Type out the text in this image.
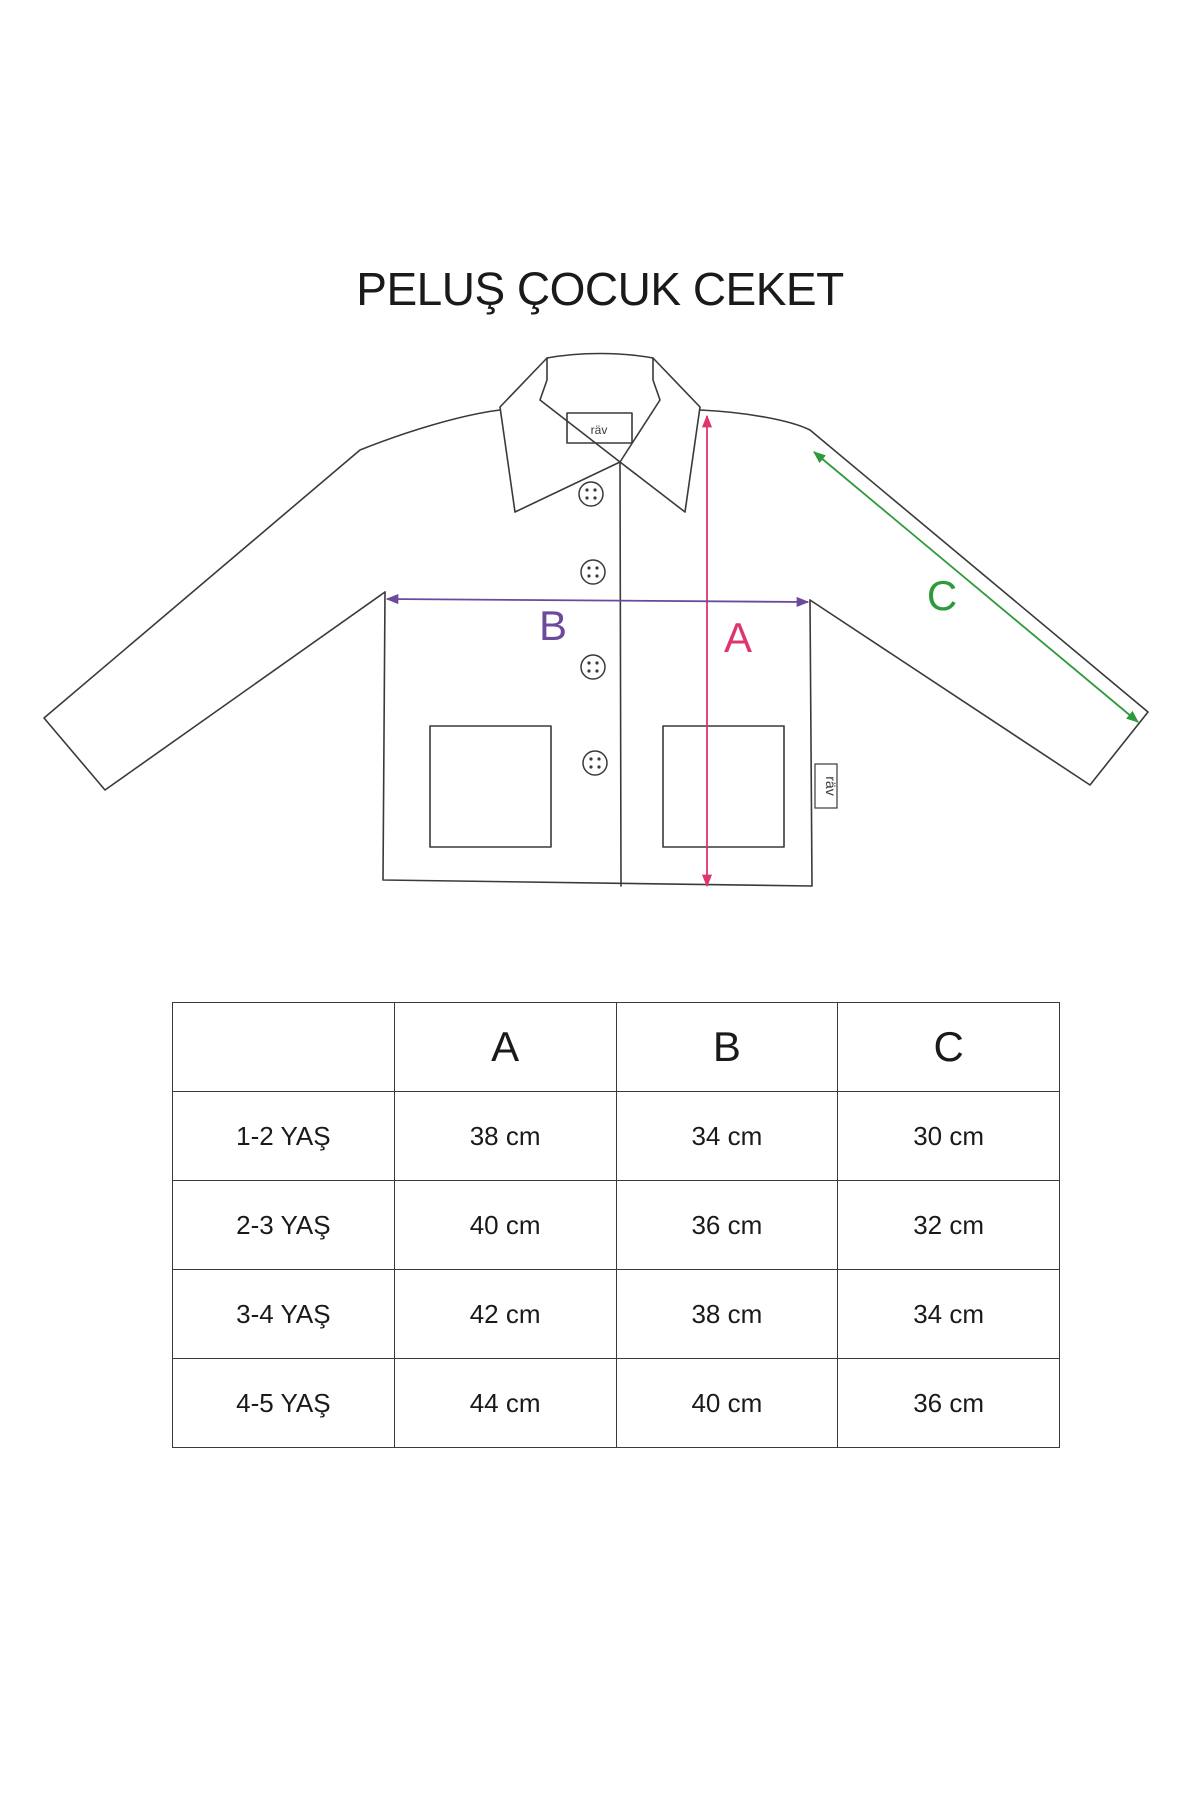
PELUŞ ÇOCUK CEKET
räv
räv
A
B
C
	A	B	C
1-2 YAŞ	38 cm	34 cm	30 cm
2-3 YAŞ	40 cm	36 cm	32 cm
3-4 YAŞ	42 cm	38 cm	34 cm
4-5 YAŞ	44 cm	40 cm	36 cm
